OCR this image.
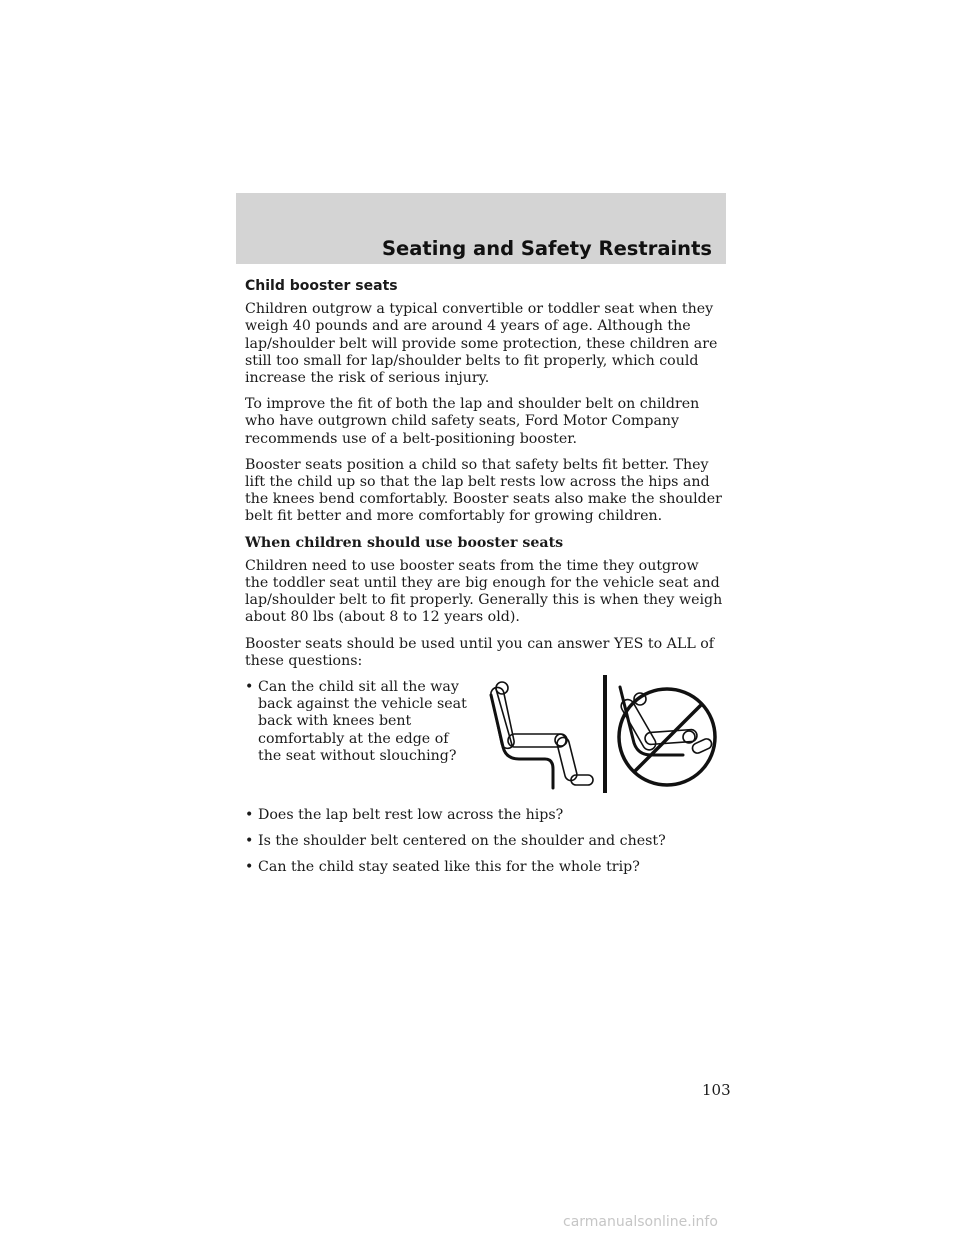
Seating and Safety Restraints
Child booster seats

Children outgrow a typical convertible or toddler seat when they weigh 40 pounds and are around 4 years of age. Although the lap/shoulder belt will provide some protection, these children are still too small for lap/shoulder belts to fit properly, which could increase the risk of serious injury.

To improve the fit of both the lap and shoulder belt on children who have outgrown child safety seats, Ford Motor Company recommends use of a belt-positioning booster.

Booster seats position a child so that safety belts fit better. They lift the child up so that the lap belt rests low across the hips and the knees bend comfortably. Booster seats also make the shoulder belt fit better and more comfortably for growing children.

When children should use booster seats

Children need to use booster seats from the time they outgrow the toddler seat until they are big enough for the vehicle seat and lap/shoulder belt to fit properly. Generally this is when they weigh about 80 lbs (about 8 to 12 years old).

Booster seats should be used until you can answer YES to ALL of these questions:

• Can the child sit all the way back against the vehicle seat back with knees bent comfortably at the edge of the seat without slouching?
• Does the lap belt rest low across the hips?
• Is the shoulder belt centered on the shoulder and chest?
• Can the child stay seated like this for the whole trip?
103
carmanualsonline.info
